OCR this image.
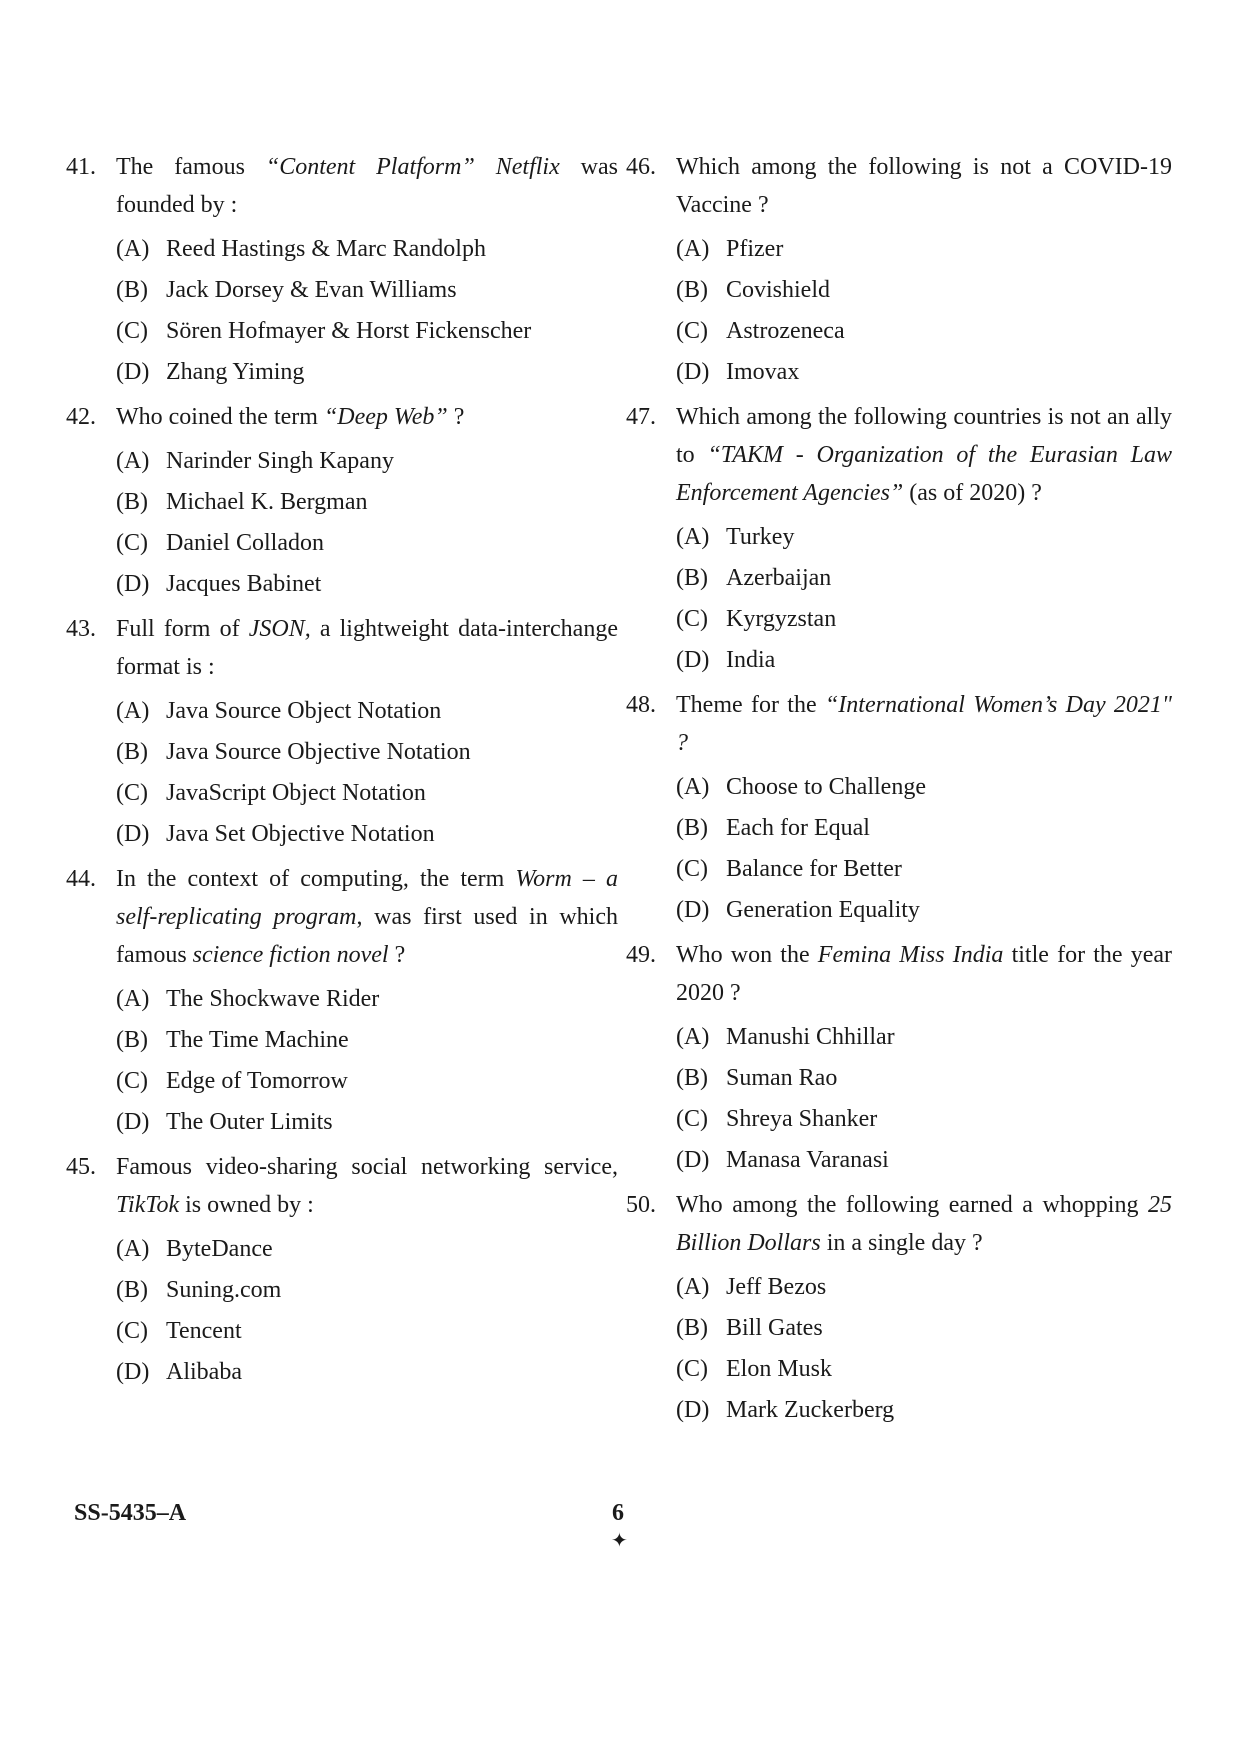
41. The famous “Content Platform” Netflix was founded by :
(A) Reed Hastings & Marc Randolph
(B) Jack Dorsey & Evan Williams
(C) Sören Hofmayer & Horst Fickenscher
(D) Zhang Yiming
42. Who coined the term “Deep Web” ?
(A) Narinder Singh Kapany
(B) Michael K. Bergman
(C) Daniel Colladon
(D) Jacques Babinet
43. Full form of JSON, a lightweight data-interchange format is :
(A) Java Source Object Notation
(B) Java Source Objective Notation
(C) JavaScript Object Notation
(D) Java Set Objective Notation
44. In the context of computing, the term Worm – a self-replicating program, was first used in which famous science fiction novel ?
(A) The Shockwave Rider
(B) The Time Machine
(C) Edge of Tomorrow
(D) The Outer Limits
45. Famous video-sharing social networking service, TikTok is owned by :
(A) ByteDance
(B) Suning.com
(C) Tencent
(D) Alibaba
46. Which among the following is not a COVID-19 Vaccine ?
(A) Pfizer
(B) Covishield
(C) Astrozeneca
(D) Imovax
47. Which among the following countries is not an ally to “TAKM - Organization of the Eurasian Law Enforcement Agencies” (as of 2020) ?
(A) Turkey
(B) Azerbaijan
(C) Kyrgyzstan
(D) India
48. Theme for the “International Women’s Day 2021" ?
(A) Choose to Challenge
(B) Each for Equal
(C) Balance for Better
(D) Generation Equality
49. Who won the Femina Miss India title for the year 2020 ?
(A) Manushi Chhillar
(B) Suman Rao
(C) Shreya Shanker
(D) Manasa Varanasi
50. Who among the following earned a whopping 25 Billion Dollars in a single day ?
(A) Jeff Bezos
(B) Bill Gates
(C) Elon Musk
(D) Mark Zuckerberg
SS-5435–A	6
✦
